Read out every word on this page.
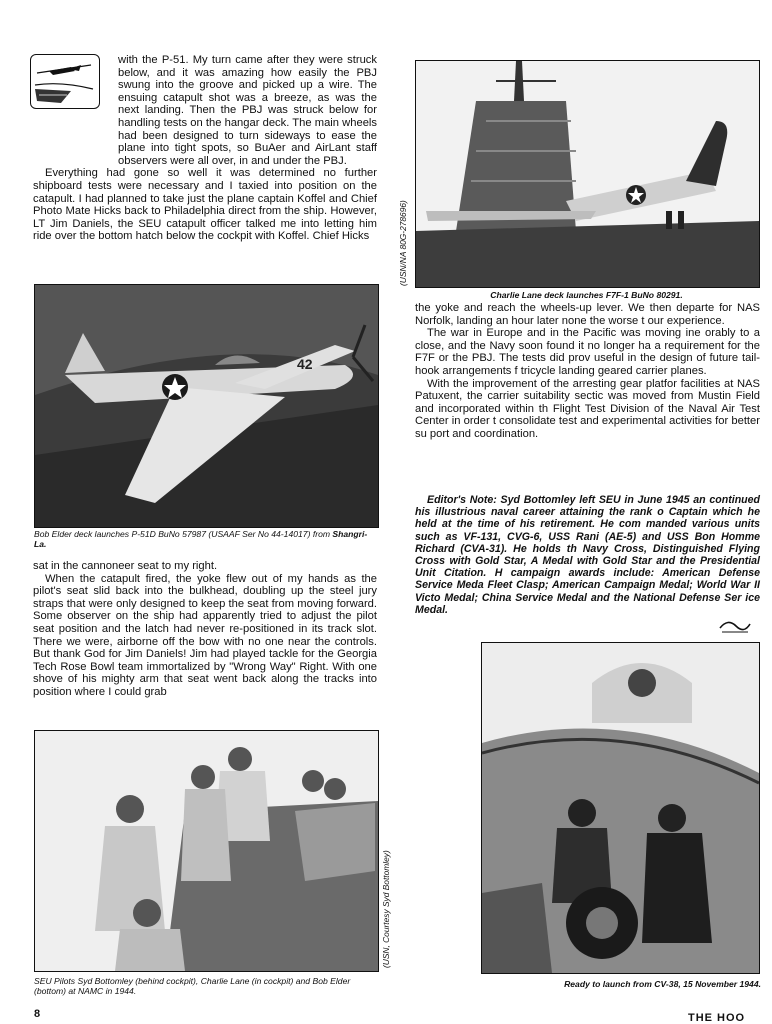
with the P-51. My turn came after they were struck below, and it was amazing how easily the PBJ swung into the groove and picked up a wire. The ensuing catapult shot was a breeze, as was the next landing. Then the PBJ was struck below for handling tests on the hangar deck. The main wheels had been designed to turn sideways to ease the plane into tight spots, so BuAer and AirLant staff observers were all over, in and under the PBJ.

Everything had gone so well it was determined no further shipboard tests were necessary and I taxied into position on the catapult. I had planned to take just the plane captain Koffel and Chief Photo Mate Hicks back to Philadelphia direct from the ship. However, LT Jim Daniels, the SEU catapult officer talked me into letting him ride over the bottom hatch below the cockpit with Koffel. Chief Hicks

42
Bob Elder deck launches P-51D BuNo 57987 (USAAF Ser No 44-14017) from Shangri-La.

sat in the cannoneer seat to my right.

When the catapult fired, the yoke flew out of my hands as the pilot's seat slid back into the bulkhead, doubling up the steel jury straps that were only designed to keep the seat from moving forward. Some observer on the ship had apparently tried to adjust the pilot seat position and the latch had never re-positioned in its track slot. There we were, airborne off the bow with no one near the controls. But thank God for Jim Daniels! Jim had played tackle for the Georgia Tech Rose Bowl team immortalized by "Wrong Way" Right. With one shove of his mighty arm that seat went back along the tracks into position where I could grab

(USN, Courtesy Syd Bottomley)
SEU Pilots Syd Bottomley (behind cockpit), Charlie Lane (in cockpit) and Bob Elder (bottom) at NAMC in 1944.
(USN/NA 80G-278696)
Charlie Lane deck launches F7F-1 BuNo 80291.

the yoke and reach the wheels-up lever. We then departe for NAS Norfolk, landing an hour later none the worse t our experience.

The war in Europe and in the Pacific was moving ine orably to a close, and the Navy soon found it no longer ha a requirement for the F7F or the PBJ. The tests did prov useful in the design of future tail-hook arrangements f tricycle landing geared carrier planes.

With the improvement of the arresting gear platfor facilities at NAS Patuxent, the carrier suitability sectic was moved from Mustin Field and incorporated within th Flight Test Division of the Naval Air Test Center in order t consolidate test and experimental activities for better su port and coordination.

Editor's Note: Syd Bottomley left SEU in June 1945 an continued his illustrious naval career attaining the rank o Captain which he held at the time of his retirement. He com manded various units such as VF-131, CVG-6, USS Rani (AE-5) and USS Bon Homme Richard (CVA-31). He holds th Navy Cross, Distinguished Flying Cross with Gold Star, A Medal with Gold Star and the Presidential Unit Citation. H campaign awards include: American Defense Service Meda Fleet Clasp; American Campaign Medal; World War II Victo Medal; China Service Medal and the National Defense Ser ice Medal.

Ready to launch from CV-38, 15 November 1944.
8	THE HOO
